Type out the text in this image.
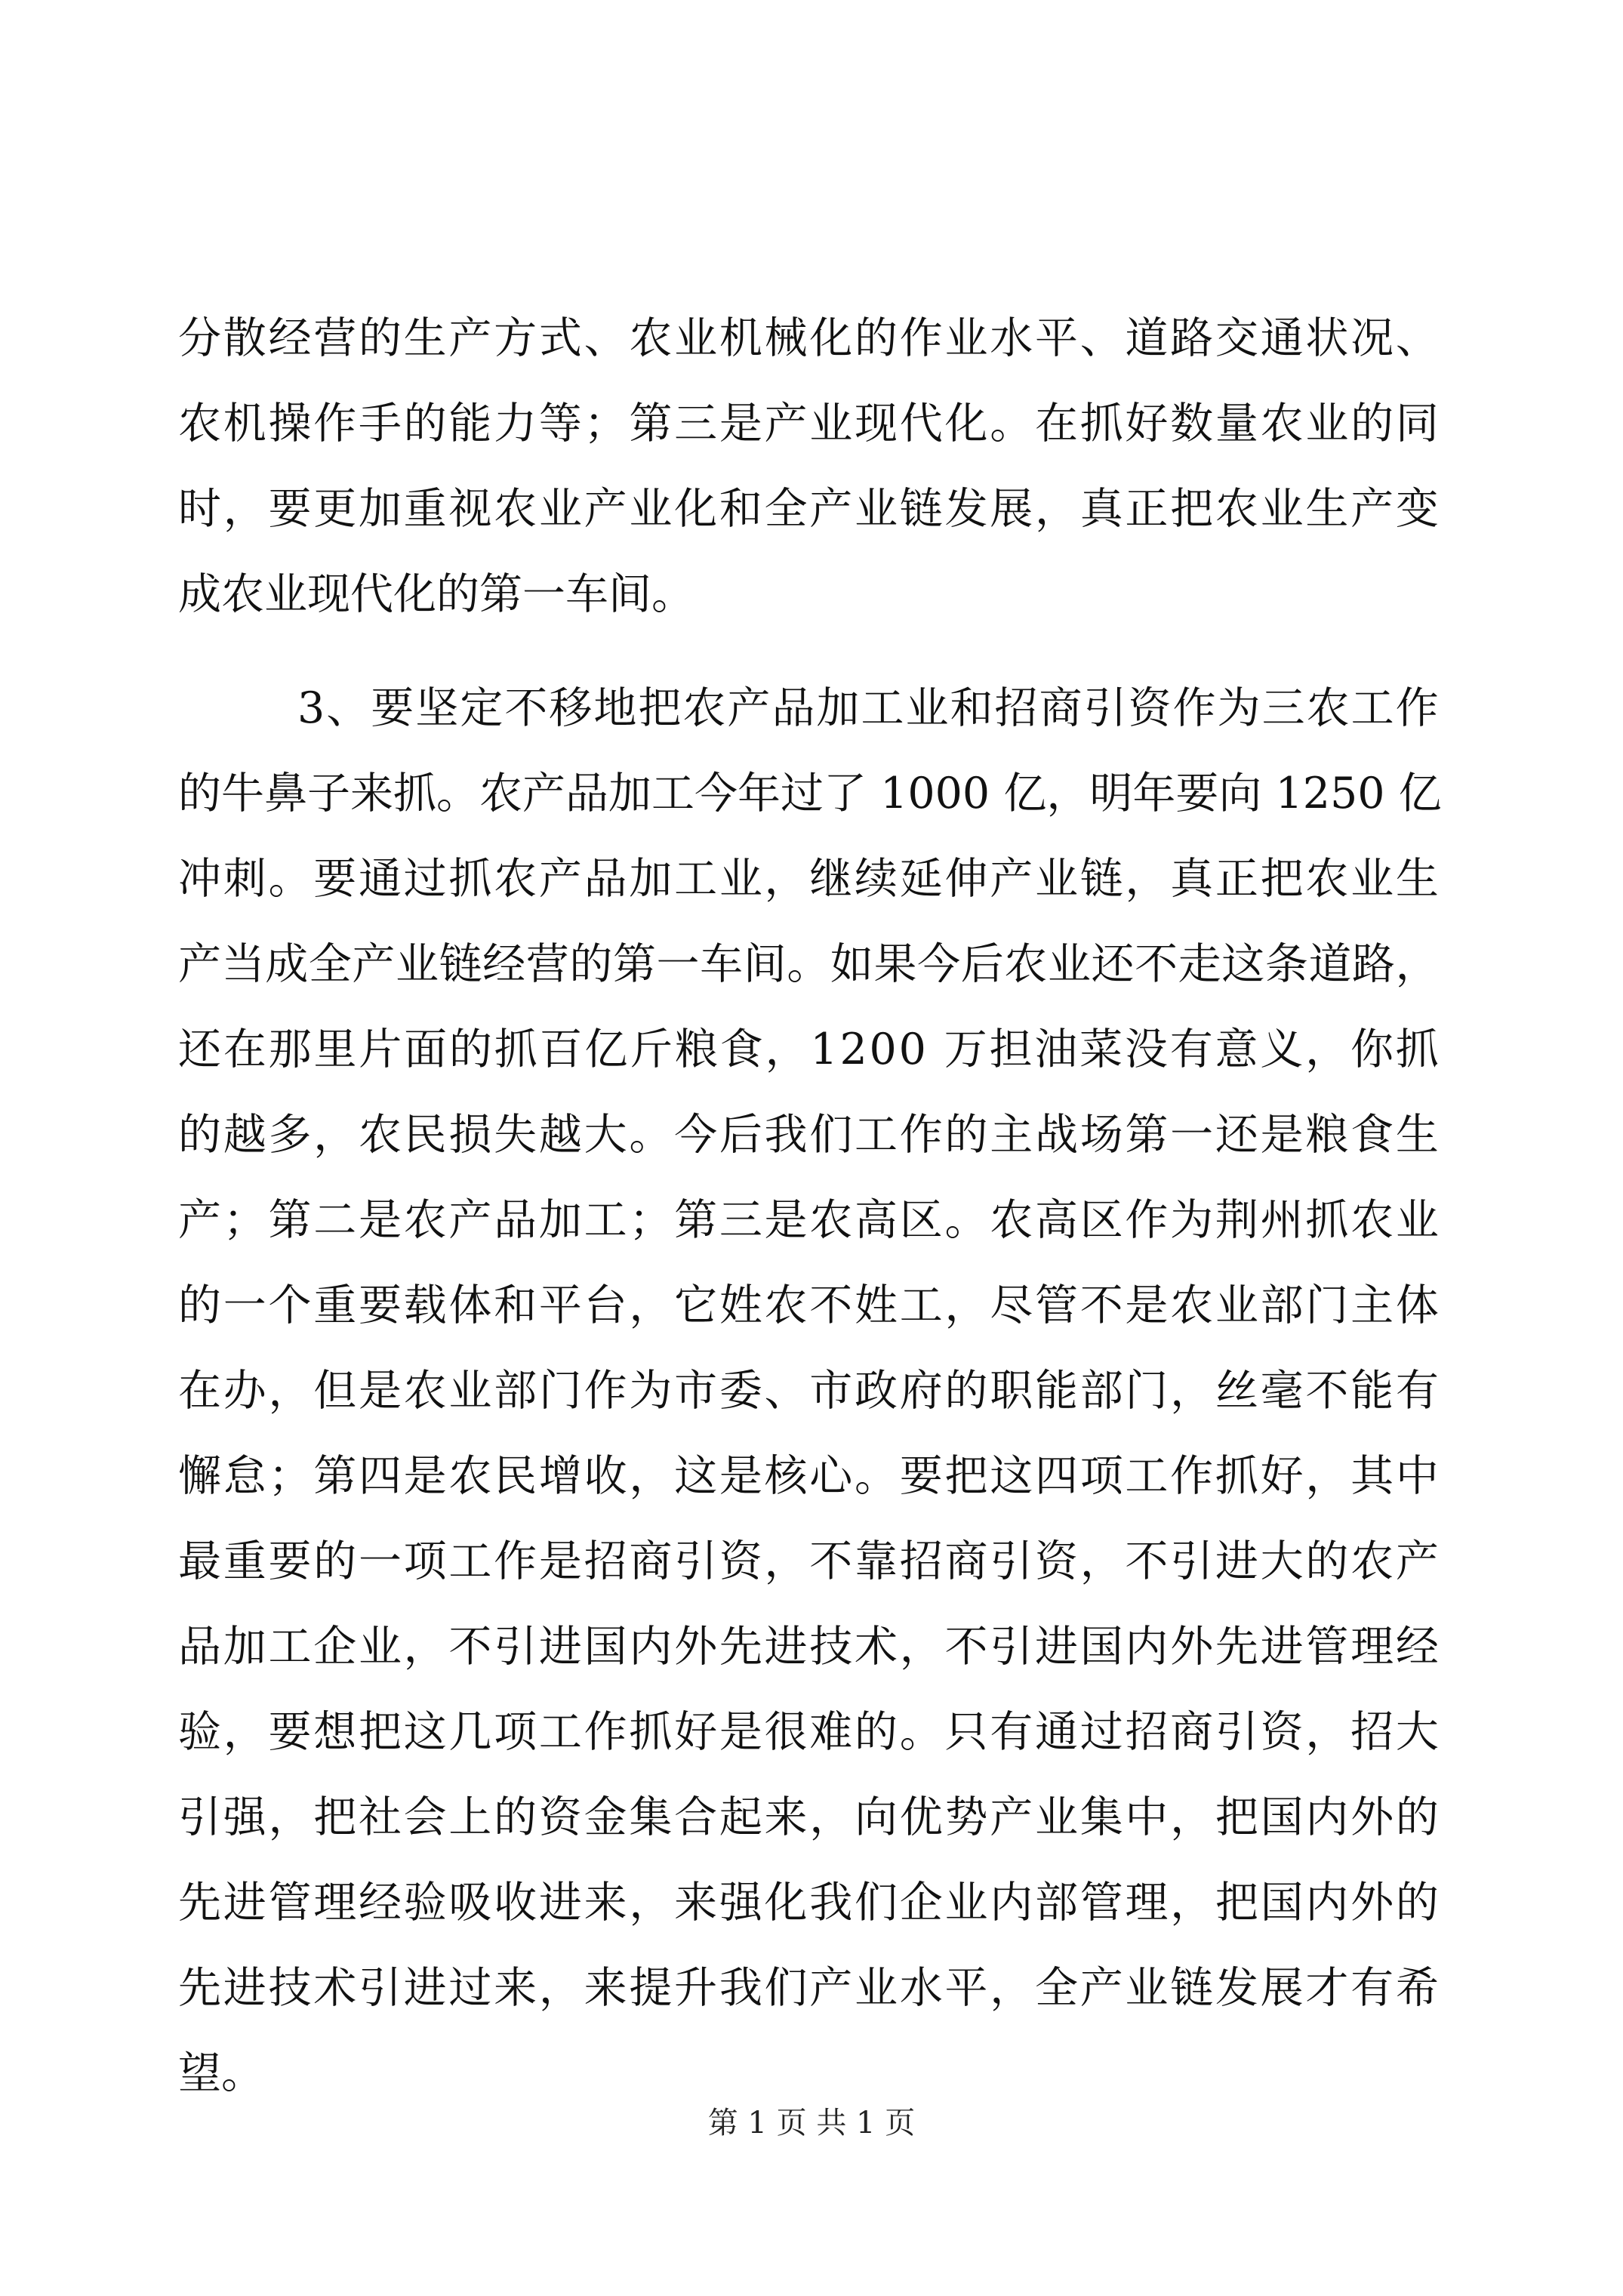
分 散 经 营 的 生 产 方 式 、 农 业 机 械 化 的 作 业 水 平 、 道 路 交 通 状 况 、
农 机 操 作 手 的 能 力 等 ； 第 三 是 产 业 现 代 化 。 在 抓 好 数 量 农 业 的 同
时 ， 要 更 加 重 视 农 业 产 业 化 和 全 产 业 链 发 展 ， 真 正 把 农 业 生 产 变
成农业现代化的第一车间。
3 、 要 坚 定 不 移 地 把 农 产 品 加 工 业 和 招 商 引 资 作 为 三 农 工 作
的 牛 鼻 子 来 抓 。 农 产 品 加 工 今 年 过 了
1 0 0 0
亿 ， 明 年 要 向
1 2 5 0
亿
冲 刺 。 要 通 过 抓 农 产 品 加 工 业 ， 继 续 延 伸 产 业 链 ， 真 正 把 农 业 生
产 当 成 全 产 业 链 经 营 的 第 一 车 间 。 如 果 今 后 农 业 还 不 走 这 条 道 路 ，
还 在 那 里 片 面 的 抓 百 亿 斤 粮 食 ， 1 2 0 0
万 担 油 菜 没 有 意 义 ， 你 抓
的 越 多 ， 农 民 损 失 越 大 。 今 后 我 们 工 作 的 主 战 场 第 一 还 是 粮 食 生
产 ； 第 二 是 农 产 品 加 工 ； 第 三 是 农 高 区 。 农 高 区 作 为 荆 州 抓 农 业
的 一 个 重 要 载 体 和 平 台 ， 它 姓 农 不 姓 工 ， 尽 管 不 是 农 业 部 门 主 体
在 办 ， 但 是 农 业 部 门 作 为 市 委 、 市 政 府 的 职 能 部 门 ， 丝 毫 不 能 有
懈 怠 ； 第 四 是 农 民 增 收 ， 这 是 核 心 。 要 把 这 四 项 工 作 抓 好 ， 其 中
最 重 要 的 一 项 工 作 是 招 商 引 资 ， 不 靠 招 商 引 资 ， 不 引 进 大 的 农 产
品 加 工 企 业 ， 不 引 进 国 内 外 先 进 技 术 ， 不 引 进 国 内 外 先 进 管 理 经
验 ， 要 想 把 这 几 项 工 作 抓 好 是 很 难 的 。 只 有 通 过 招 商 引 资 ， 招 大
引 强 ， 把 社 会 上 的 资 金 集 合 起 来 ， 向 优 势 产 业 集 中 ， 把 国 内 外 的
先 进 管 理 经 验 吸 收 进 来 ， 来 强 化 我 们 企 业 内 部 管 理 ， 把 国 内 外 的
先 进 技 术 引 进 过 来 ， 来 提 升 我 们 产 业 水 平 ， 全 产 业 链 发 展 才 有 希
望。
第 1 页 共 1 页
